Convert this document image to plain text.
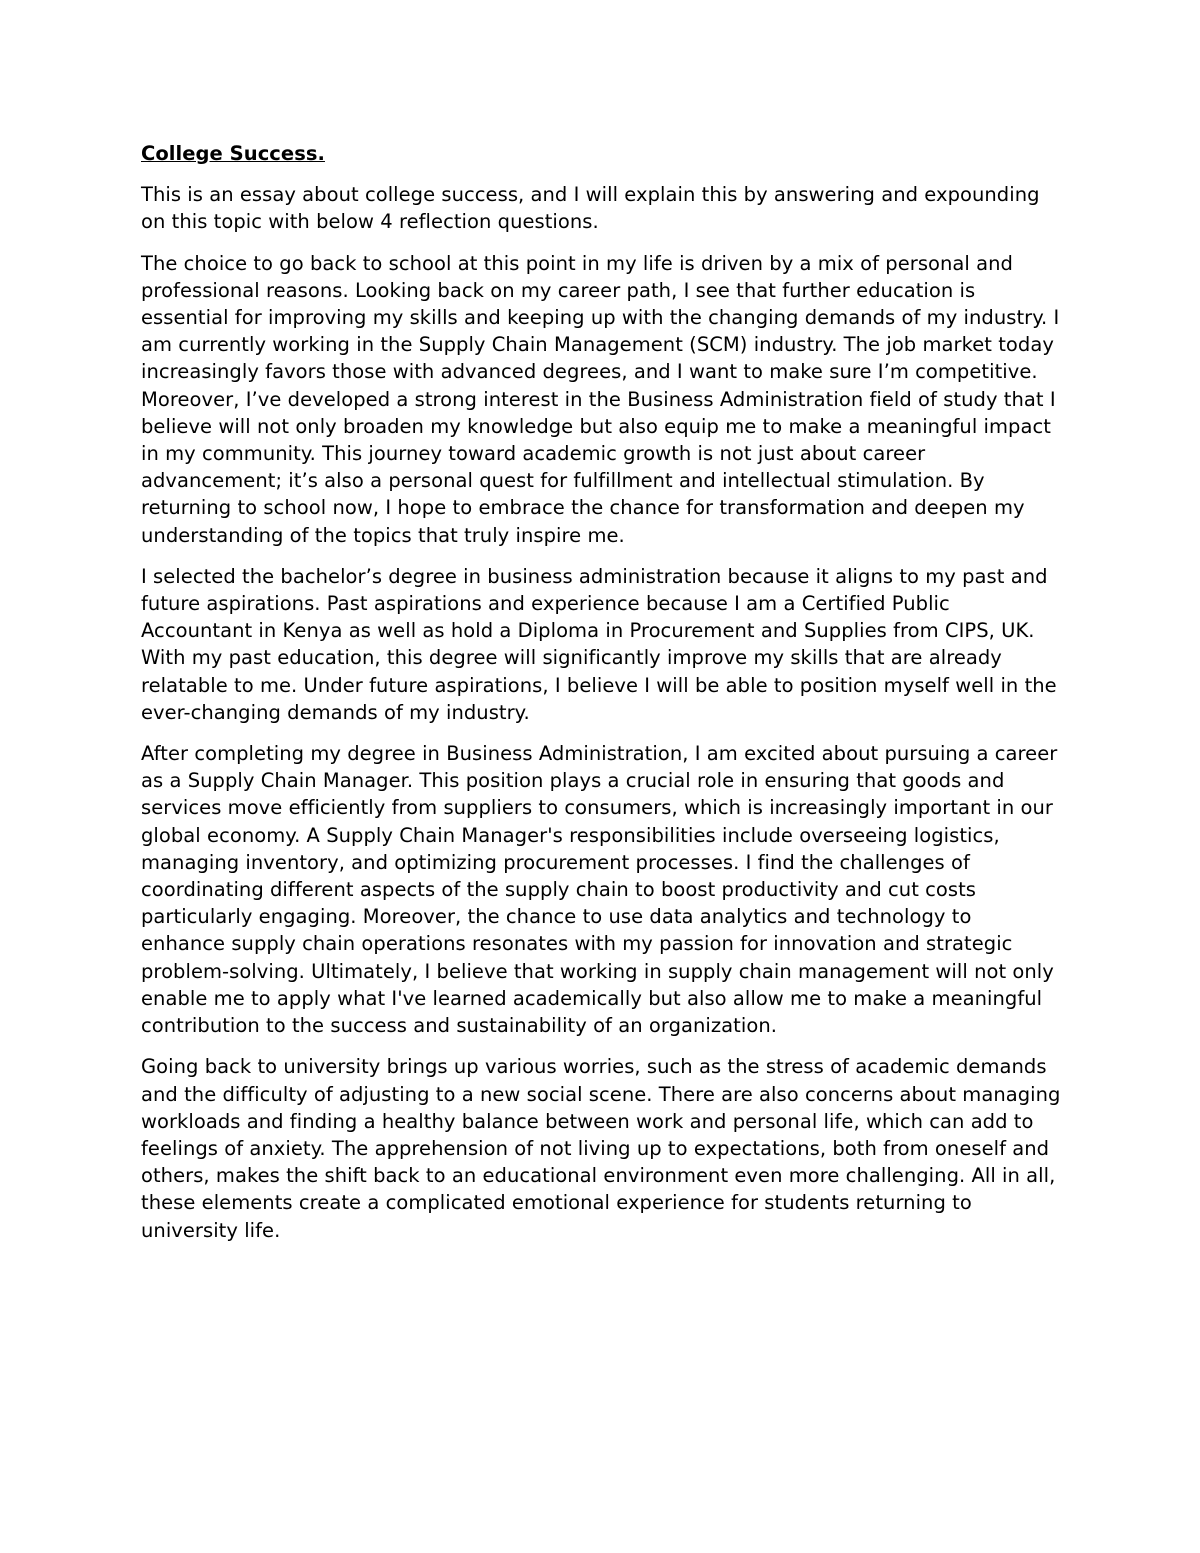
College Success.

This is an essay about college success, and I will explain this by answering and expounding on this topic with below 4 reflection questions.

The choice to go back to school at this point in my life is driven by a mix of personal and professional reasons. Looking back on my career path, I see that further education is essential for improving my skills and keeping up with the changing demands of my industry. I am currently working in the Supply Chain Management (SCM) industry. The job market today increasingly favors those with advanced degrees, and I want to make sure I’m competitive. Moreover, I’ve developed a strong interest in the Business Administration field of study that I believe will not only broaden my knowledge but also equip me to make a meaningful impact in my community. This journey toward academic growth is not just about career advancement; it’s also a personal quest for fulfillment and intellectual stimulation. By returning to school now, I hope to embrace the chance for transformation and deepen my understanding of the topics that truly inspire me.

I selected the bachelor’s degree in business administration because it aligns to my past and future aspirations. Past aspirations and experience because I am a Certified Public Accountant in Kenya as well as hold a Diploma in Procurement and Supplies from CIPS, UK. With my past education, this degree will significantly improve my skills that are already relatable to me. Under future aspirations, I believe I will be able to position myself well in the ever-changing demands of my industry.

After completing my degree in Business Administration, I am excited about pursuing a career as a Supply Chain Manager. This position plays a crucial role in ensuring that goods and services move efficiently from suppliers to consumers, which is increasingly important in our global economy. A Supply Chain Manager's responsibilities include overseeing logistics, managing inventory, and optimizing procurement processes. I find the challenges of coordinating different aspects of the supply chain to boost productivity and cut costs particularly engaging. Moreover, the chance to use data analytics and technology to enhance supply chain operations resonates with my passion for innovation and strategic problem-solving. Ultimately, I believe that working in supply chain management will not only enable me to apply what I've learned academically but also allow me to make a meaningful contribution to the success and sustainability of an organization.

Going back to university brings up various worries, such as the stress of academic demands and the difficulty of adjusting to a new social scene. There are also concerns about managing workloads and finding a healthy balance between work and personal life, which can add to feelings of anxiety. The apprehension of not living up to expectations, both from oneself and others, makes the shift back to an educational environment even more challenging. All in all, these elements create a complicated emotional experience for students returning to university life.
